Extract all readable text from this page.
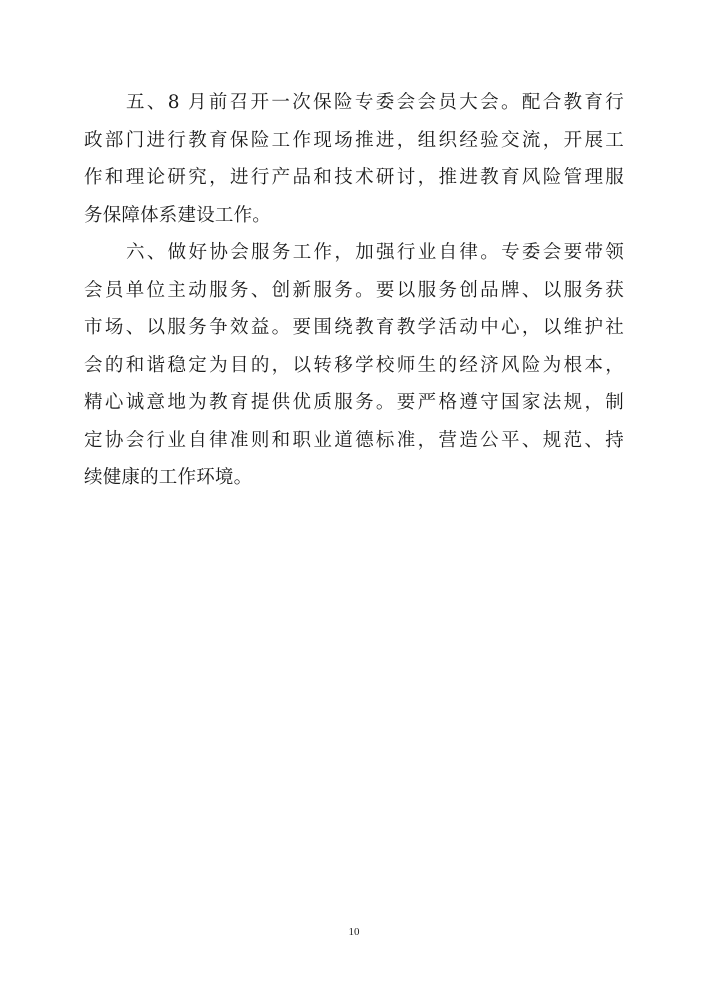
五、8 月前召开一次保险专委会会员大会。配合教育行
政部门进行教育保险工作现场推进，组织经验交流，开展工
作和理论研究，进行产品和技术研讨，推进教育风险管理服
务保障体系建设工作。
六、做好协会服务工作，加强行业自律。专委会要带领
会员单位主动服务、创新服务。要以服务创品牌、以服务获
市场、以服务争效益。要围绕教育教学活动中心，以维护社
会的和谐稳定为目的，以转移学校师生的经济风险为根本，
精心诚意地为教育提供优质服务。要严格遵守国家法规，制
定协会行业自律准则和职业道德标准，营造公平、规范、持
续健康的工作环境。
10
